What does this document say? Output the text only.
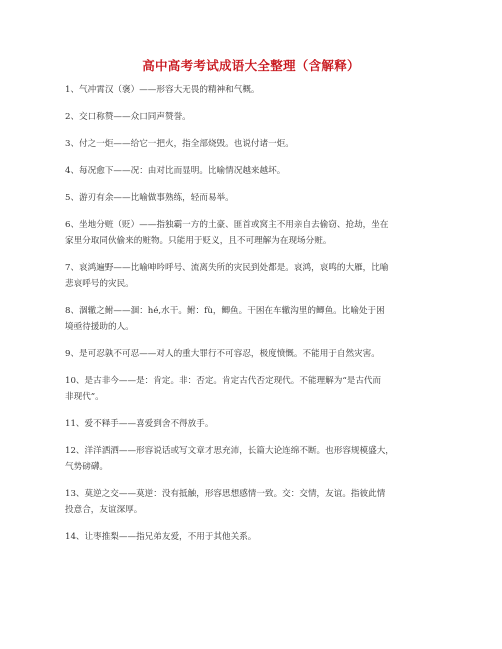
高中高考考试成语大全整理（含解释）
1、气冲霄汉（褒）——形容大无畏的精神和气概。
2、交口称赞——众口同声赞誉。
3、付之一炬——给它一把火，指全部烧毁。也说付诸一炬。
4、每况愈下——况：由对比而显明。比喻情况越来越坏。
5、游刃有余——比喻做事熟练，轻而易举。
6、坐地分赃（贬）——指独霸一方的土豪、匪首或窝主不用亲自去偷窃、抢劫，坐在
家里分取同伙偷来的赃物。只能用于贬义，且不可理解为在现场分赃。
7、哀鸿遍野——比喻呻吟呼号、流离失所的灾民到处都是。哀鸿，哀鸣的大雁，比喻
悲哀呼号的灾民。
8、涸辙之鲋——涸：hé,水干。鲋：fù，鲫鱼。干困在车辙沟里的鲫鱼。比喻处于困
境亟待援助的人。
9、是可忍孰不可忍——对人的重大罪行不可容忍，极度愤慨。不能用于自然灾害。
10、是古非今——是：肯定。非：否定。肯定古代否定现代。不能理解为“是古代而
非现代”。
11、爱不释手——喜爱到舍不得放手。
12、洋洋洒洒——形容说话或写文章才思充沛，长篇大论连绵不断。也形容规模盛大，
气势磅礴。
13、莫逆之交——莫逆：没有抵触，形容思想感情一致。交：交情，友谊。指彼此情
投意合，友谊深厚。
14、让枣推梨——指兄弟友爱，不用于其他关系。
